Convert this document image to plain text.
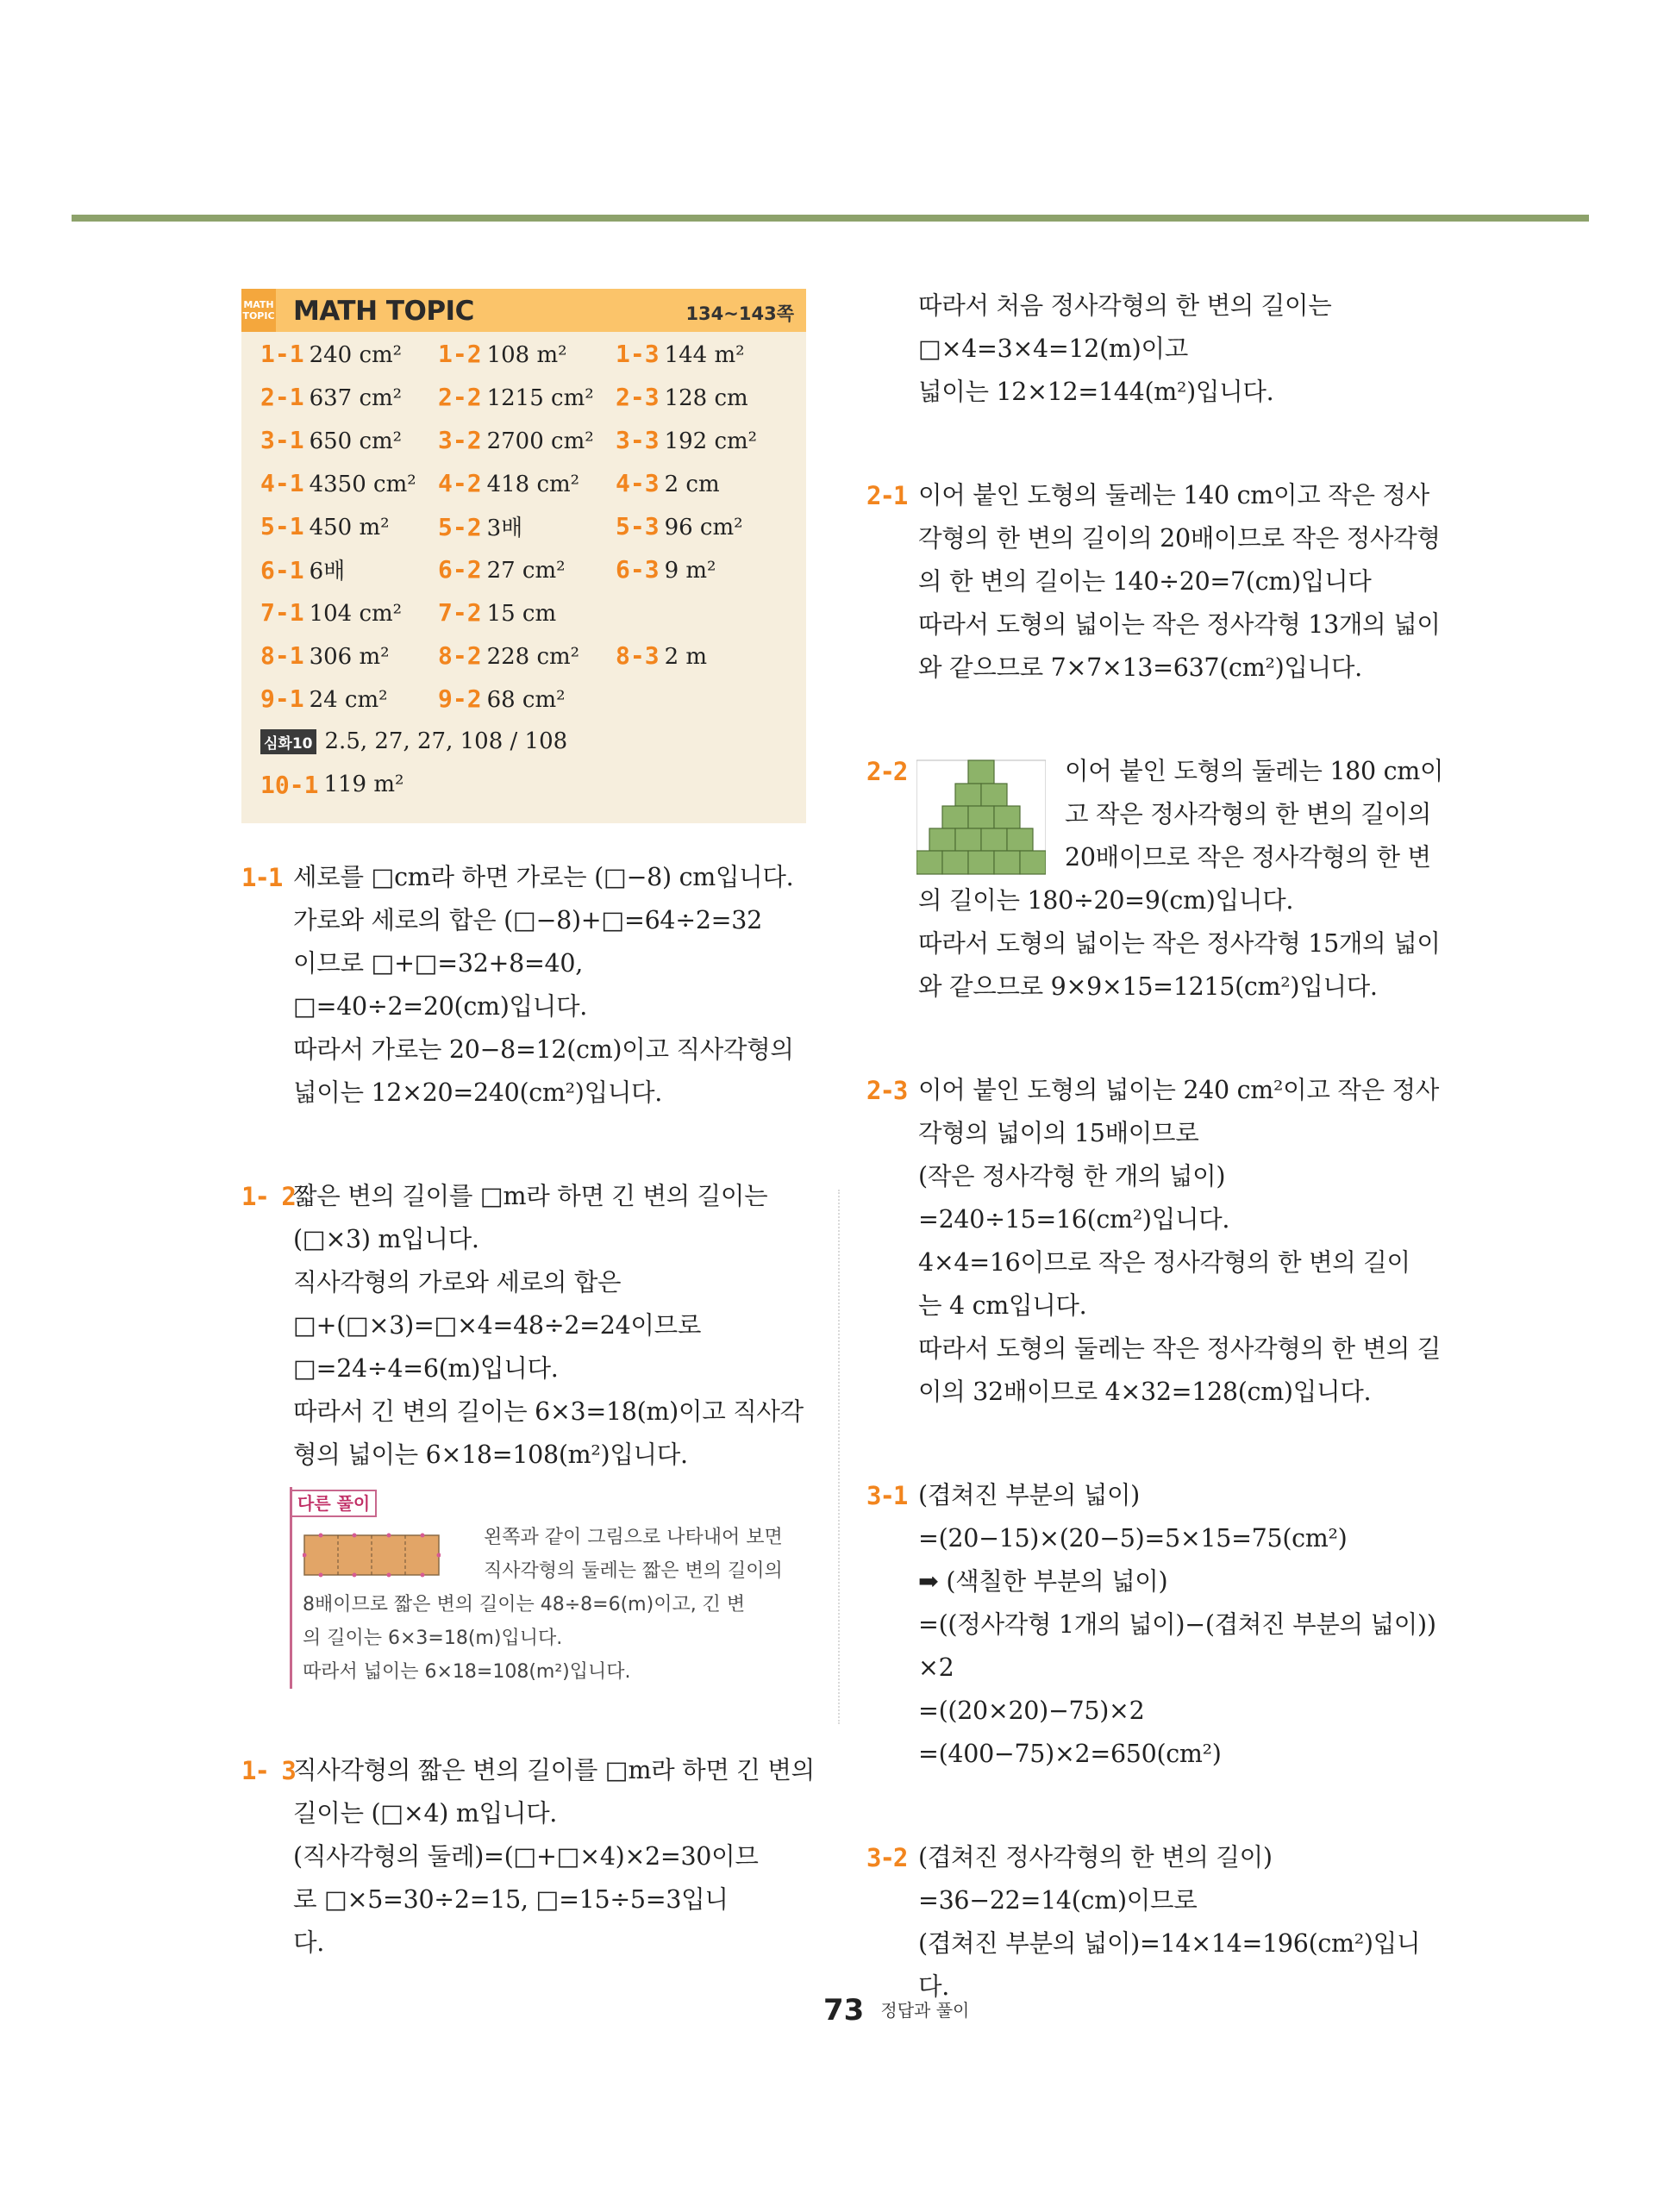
MATH TOPIC MATH TOPIC	134~143쪽
1-1 240 cm²	1-2 108 m²	1-3 144 m²
2-1 637 cm²	2-2 1215 cm² 2-3 128 cm
3-1 650 cm²	3-2 2700 cm² 3-3 192 cm²
4-1 4350 cm² 4-2 418 cm²	4-3 2 cm
5-1 450 m²	5-2 3배	5-3 96 cm²
6-1 6배	6-2 27 cm²	6-3 9 m²
7-1 104 cm²	7-2 15 cm
8-1 306 m²	8-2 228 cm²	8-3 2 m
9-1 24 cm²	9-2 68 cm²
심화10 2.5, 27, 27, 108 / 108
10-1 119 m²
1-1 세로를 □cm라 하면 가로는 (□−8) cm입니다.
가로와 세로의 합은 (□−8)+□=64÷2=32
이므로 □+□=32+8=40,
□=40÷2=20(cm)입니다.
따라서 가로는 20−8=12(cm)이고 직사각형의
넓이는 12×20=240(cm²)입니다.
1- 2
짧은 변의 길이를 □m라 하면 긴 변의 길이는
(□×3) m입니다.
직사각형의 가로와 세로의 합은
□+(□×3)=□×4=48÷2=24이므로
□=24÷4=6(m)입니다.
따라서 긴 변의 길이는 6×3=18(m)이고 직사각
형의 넓이는 6×18=108(m²)입니다.
다른 풀이
왼쪽과 같이 그림으로 나타내어 보면
직사각형의 둘레는 짧은 변의 길이의
8배이므로 짧은 변의 길이는 48÷8=6(m)이고, 긴 변
의 길이는 6×3=18(m)입니다.
따라서 넓이는 6×18=108(m²)입니다.
1- 3
직사각형의 짧은 변의 길이를 □m라 하면 긴 변의
길이는 (□×4) m입니다.
(직사각형의 둘레)=(□+□×4)×2=30이므
로 □×5=30÷2=15, □=15÷5=3입니
다.
따라서 처음 정사각형의 한 변의 길이는
□×4=3×4=12(m)이고
넓이는 12×12=144(m²)입니다.
2-1 이어 붙인 도형의 둘레는 140 cm이고 작은 정사
각형의 한 변의 길이의 20배이므로 작은 정사각형
의 한 변의 길이는 140÷20=7(cm)입니다
따라서 도형의 넓이는 작은 정사각형 13개의 넓이
와 같으므로 7×7×13=637(cm²)입니다.
2-2	이어 붙인 도형의 둘레는 180 cm이
고 작은 정사각형의 한 변의 길이의
20배이므로 작은 정사각형의 한 변
의 길이는 180÷20=9(cm)입니다.
따라서 도형의 넓이는 작은 정사각형 15개의 넓이
와 같으므로 9×9×15=1215(cm²)입니다.
2-3 이어 붙인 도형의 넓이는 240 cm²이고 작은 정사
각형의 넓이의 15배이므로
(작은 정사각형 한 개의 넓이)
=240÷15=16(cm²)입니다.
4×4=16이므로 작은 정사각형의 한 변의 길이
는 4 cm입니다.
따라서 도형의 둘레는 작은 정사각형의 한 변의 길
이의 32배이므로 4×32=128(cm)입니다.
3-1 (겹쳐진 부분의 넓이)
=(20−15)×(20−5)=5×15=75(cm²)
➡ (색칠한 부분의 넓이)
=((정사각형 1개의 넓이)−(겹쳐진 부분의 넓이))
×2
=((20×20)−75)×2
=(400−75)×2=650(cm²)
3-2 (겹쳐진 정사각형의 한 변의 길이)
=36−22=14(cm)이므로
(겹쳐진 부분의 넓이)=14×14=196(cm²)입니
다.
73 정답과 풀이
